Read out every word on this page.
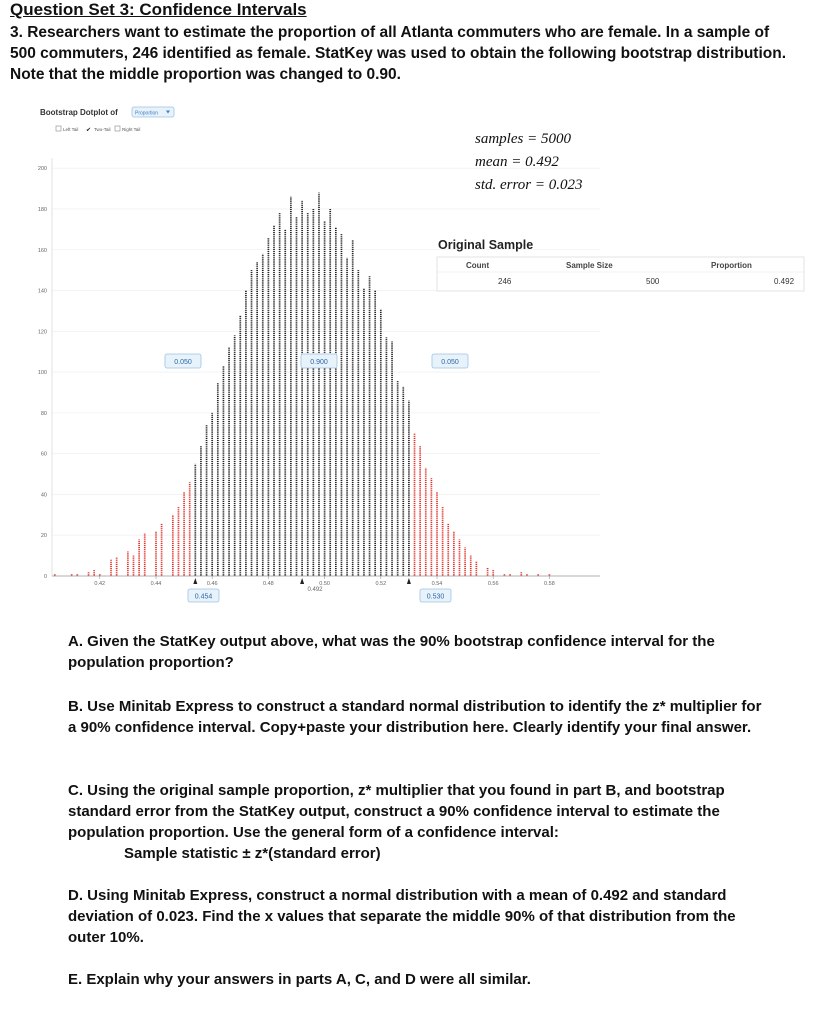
Question Set 3: Confidence Intervals
3. Researchers want to estimate the proportion of all Atlanta commuters who are female. In a sample of 500 commuters, 246 identified as female. StatKey was used to obtain the following bootstrap distribution. Note that the middle proportion was changed to 0.90.
Bootstrap Dotplot of	Proportion
Left Tail ✔ Two-Tail	Right Tail
0
20
40
60
80
100
120
140
160
180
200
0.42	0.44	0.46	0.48	0.50	0.52	0.54	0.56	0.58
samples = 5000
mean = 0.492
std. error = 0.023
Original Sample
Count	Sample Size	Proportion
246	500	0.492
0.050	0.900	0.050
0.492
0.454	0.530
A. Given the StatKey output above, what was the 90% bootstrap confidence interval for the population proportion?
B. Use Minitab Express to construct a standard normal distribution to identify the z* multiplier for a 90% confidence interval. Copy+paste your distribution here. Clearly identify your final answer.
C. Using the original sample proportion, z* multiplier that you found in part B, and bootstrap standard error from the StatKey output, construct a 90% confidence interval to estimate the population proportion. Use the general form of a confidence interval:
Sample statistic ± z*(standard error)
D. Using Minitab Express, construct a normal distribution with a mean of 0.492 and standard deviation of 0.023. Find the x values that separate the middle 90% of that distribution from the outer 10%.
E. Explain why your answers in parts A, C, and D were all similar.
